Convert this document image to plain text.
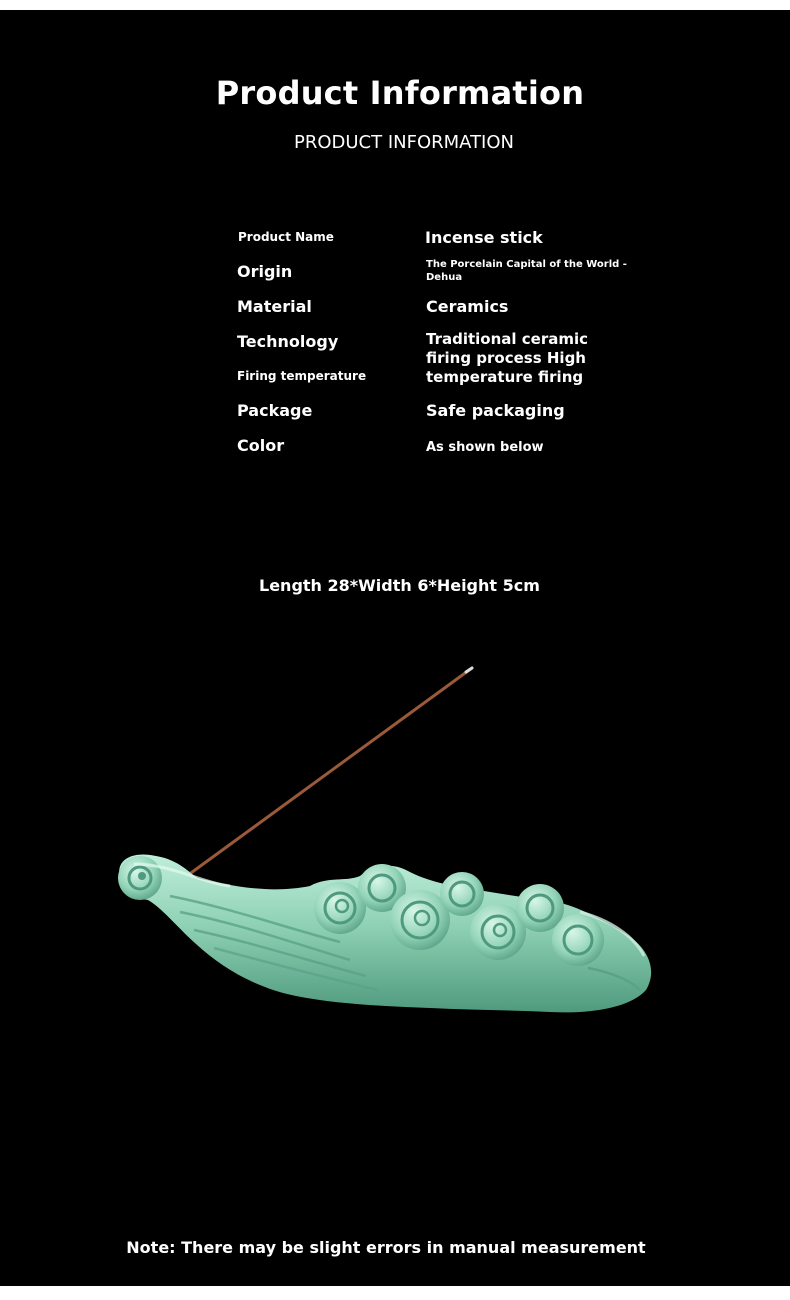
Product Information
PRODUCT INFORMATION
Product Name	Incense stick
Origin	The Porcelain Capital of the World - Dehua
Material	Ceramics
Technology	Traditional ceramic firing process High temperature firing
Firing temperature
Package	Safe packaging
Color	As shown below
Length 28*Width 6*Height 5cm
Note: There may be slight errors in manual measurement
